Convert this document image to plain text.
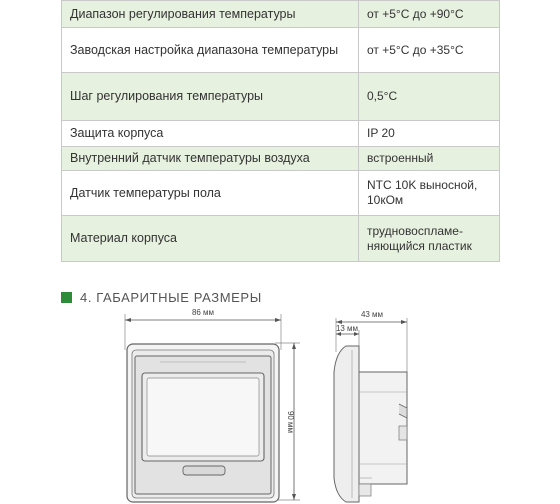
Диапазон регулирования температуры	от +5°С до +90°С
Заводская настройка диапазона температуры	от +5°С до +35°С
Шаг регулирования температуры	0,5°С
Защита корпуса	IP 20
Внутренний датчик температуры воздуха	встроенный
Датчик температуры пола	NTC 10K выносной, 10кОм
Материал корпуса	трудновоспламе-няющийся пластик
4. ГАБАРИТНЫЕ РАЗМЕРЫ
86 мм
90 мм
43 мм
13 мм
